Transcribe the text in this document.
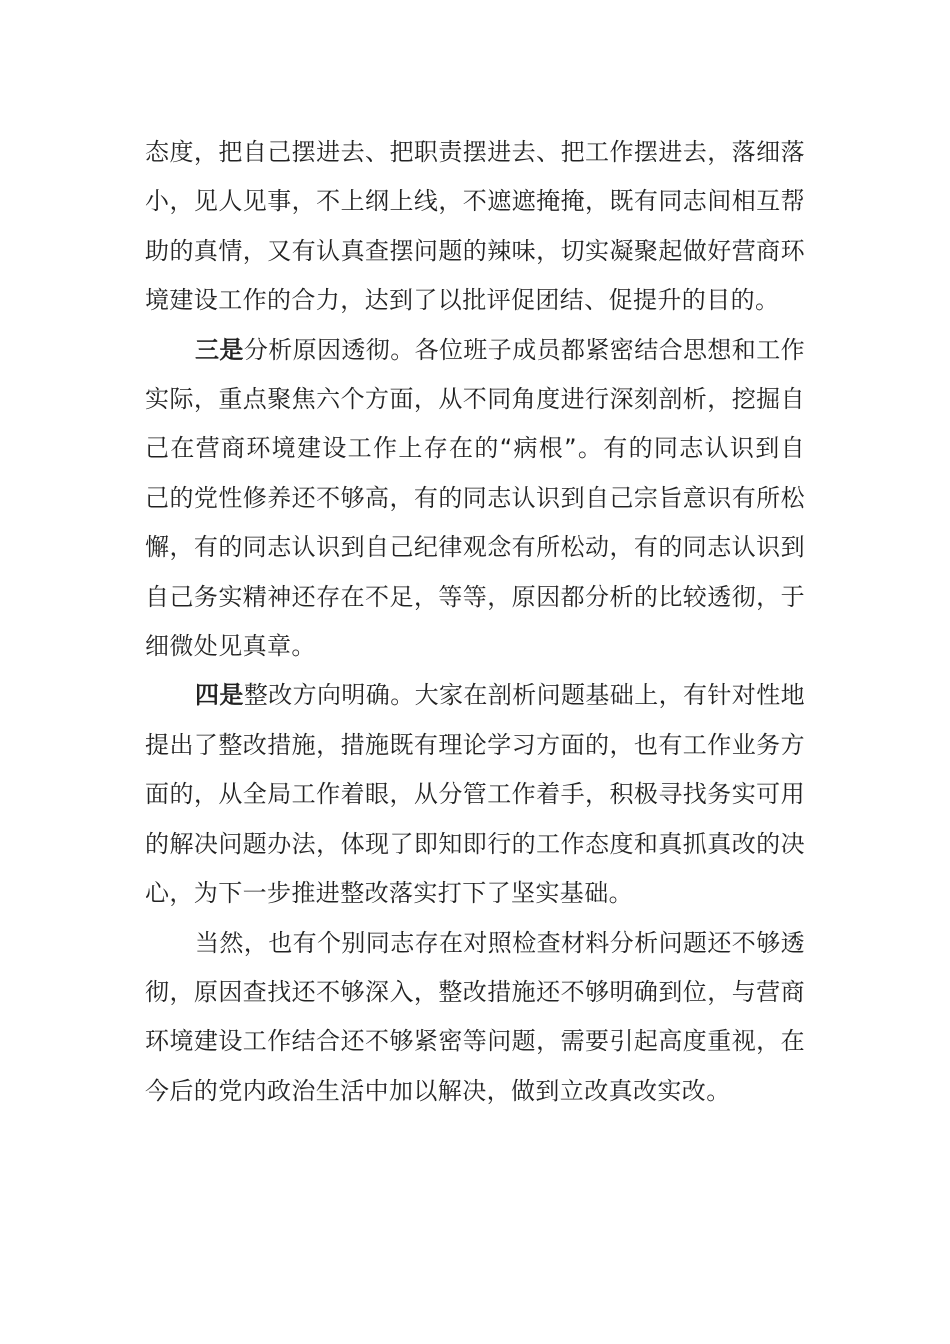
态度，把自己摆进去、把职责摆进去、把工作摆进去，落细落小，见人见事，不上纲上线，不遮遮掩掩，既有同志间相互帮助的真情，又有认真查摆问题的辣味，切实凝聚起做好营商环境建设工作的合力，达到了以批评促团结、促提升的目的。

三是分析原因透彻。各位班子成员都紧密结合思想和工作实际，重点聚焦六个方面，从不同角度进行深刻剖析，挖掘自己在营商环境建设工作上存在的“病根”。有的同志认识到自己的党性修养还不够高，有的同志认识到自己宗旨意识有所松懈，有的同志认识到自己纪律观念有所松动，有的同志认识到自己务实精神还存在不足，等等，原因都分析的比较透彻，于细微处见真章。

四是整改方向明确。大家在剖析问题基础上，有针对性地提出了整改措施，措施既有理论学习方面的，也有工作业务方面的，从全局工作着眼，从分管工作着手，积极寻找务实可用的解决问题办法，体现了即知即行的工作态度和真抓真改的决心，为下一步推进整改落实打下了坚实基础。

当然，也有个别同志存在对照检查材料分析问题还不够透彻，原因查找还不够深入，整改措施还不够明确到位，与营商环境建设工作结合还不够紧密等问题，需要引起高度重视，在今后的党内政治生活中加以解决，做到立改真改实改。
